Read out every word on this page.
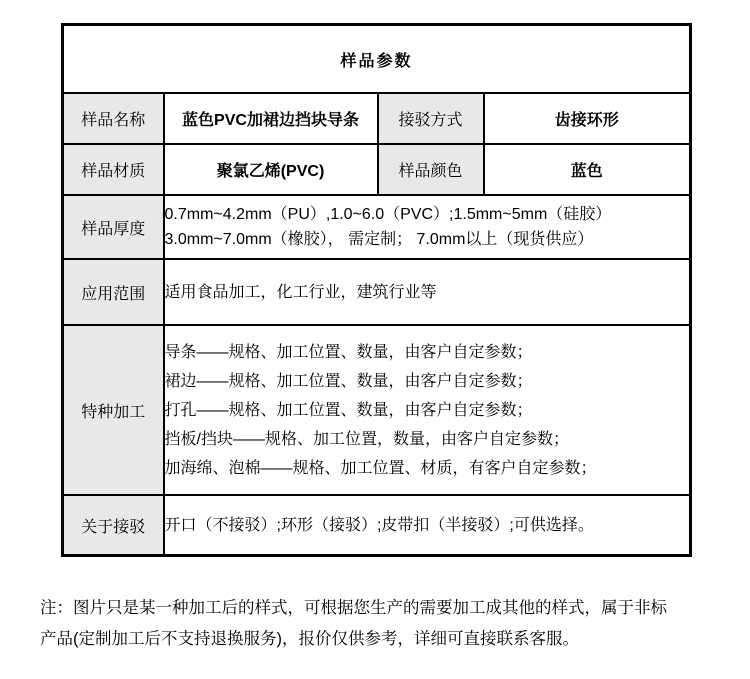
样品参数			
样品名称	蓝色PVC加裙边挡块导条	接驳方式	齿接环形
样品材质	聚氯乙烯(PVC)	样品颜色	蓝色
样品厚度	0.7mm~4.2mm（PU）,1.0~6.0（PVC）;1.5mm~5mm（硅胶）
3.0mm~7.0mm（橡胶）， 需定制； 7.0mm以上（现货供应）		

应用范围	适用食品加工，化工行业，建筑行业等		
特种加工	导条——规格、加工位置、数量，由客户自定参数；
裙边——规格、加工位置、数量，由客户自定参数；
打孔——规格、加工位置、数量，由客户自定参数；
挡板/挡块——规格、加工位置，数量，由客户自定参数；
加海绵、泡棉——规格、加工位置、材质，有客户自定参数；		

关于接驳	开口（不接驳）;环形（接驳）;皮带扣（半接驳）;可供选择。		
注：图片只是某一种加工后的样式，可根据您生产的需要加工成其他的样式，属于非标
产品(定制加工后不支持退换服务)，报价仅供参考，详细可直接联系客服。
